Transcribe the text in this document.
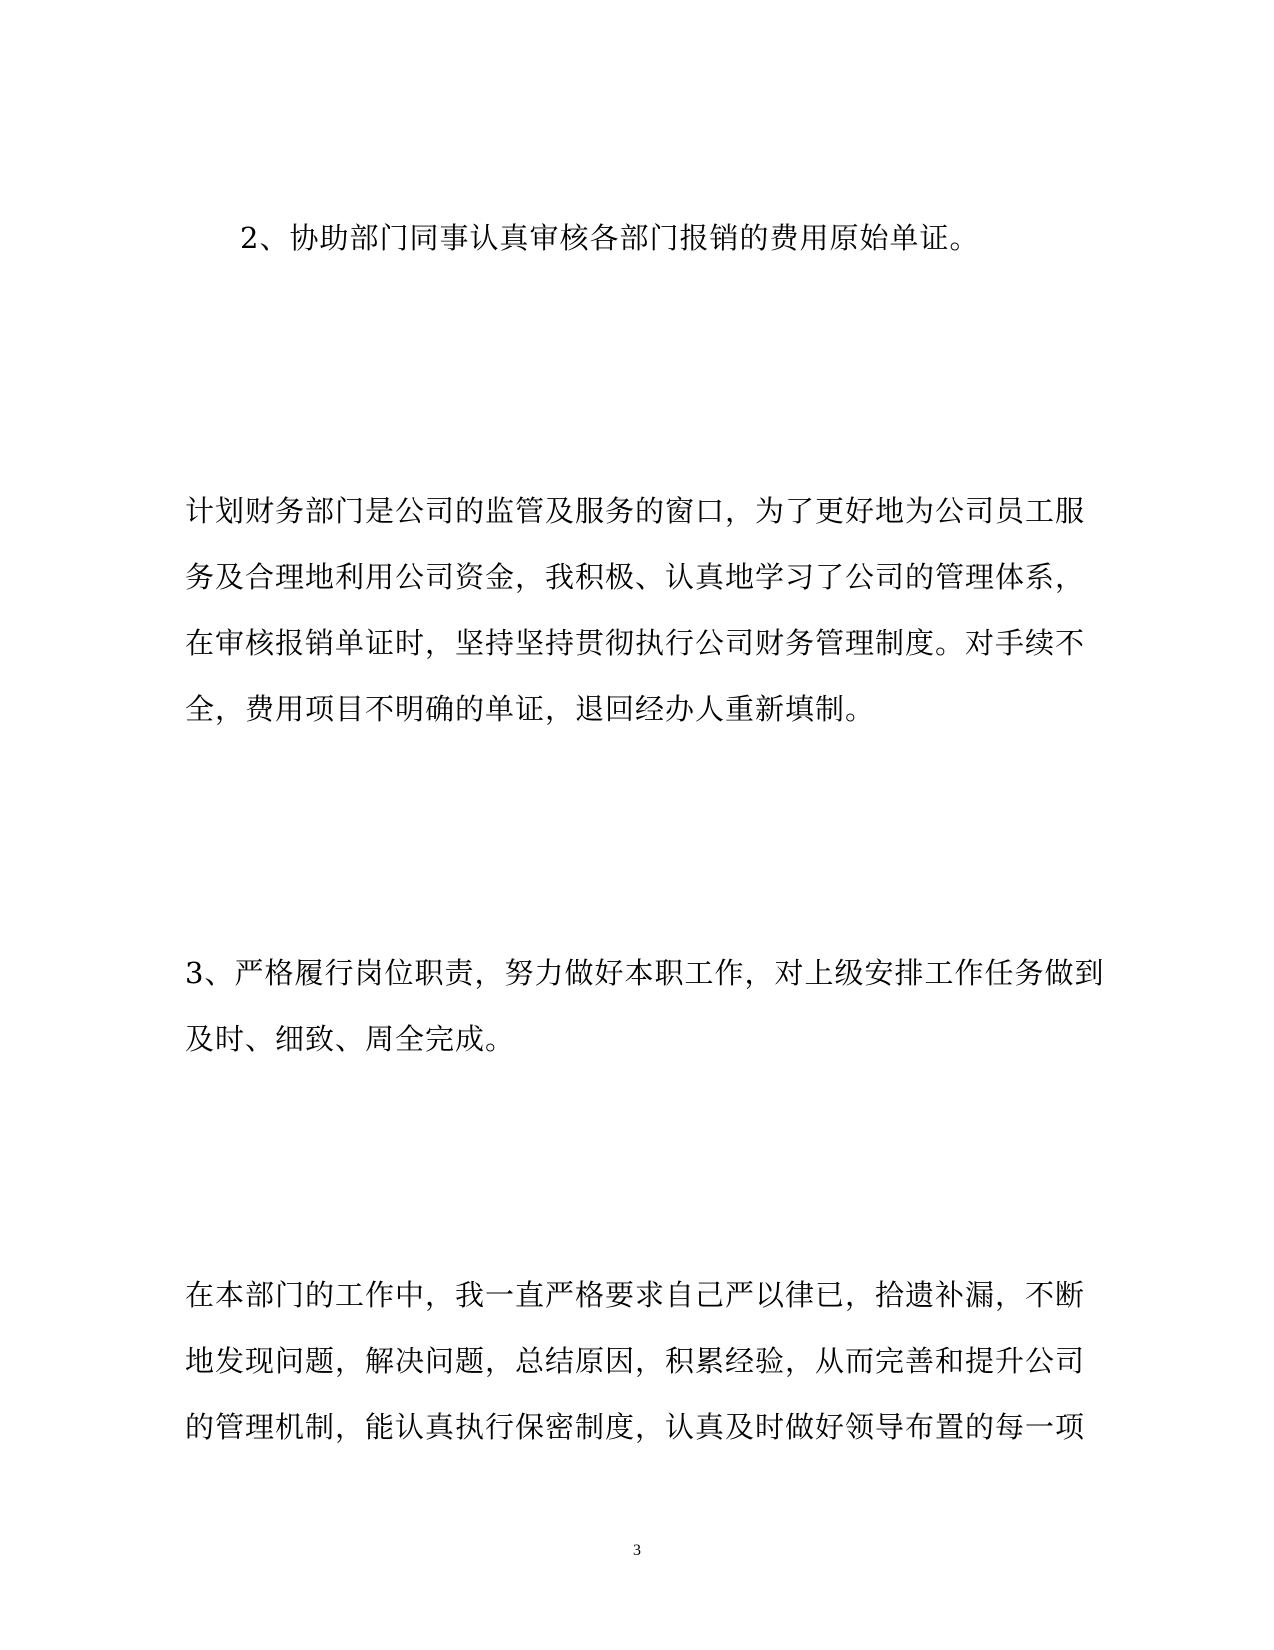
2、协助部门同事认真审核各部门报销的费用原始单证。

计划财务部门是公司的监管及服务的窗口，为了更好地为公司员工服
务及合理地利用公司资金，我积极、认真地学习了公司的管理体系，
在审核报销单证时，坚持坚持贯彻执行公司财务管理制度。对手续不
全，费用项目不明确的单证，退回经办人重新填制。

3、严格履行岗位职责，努力做好本职工作，对上级安排工作任务做到
及时、细致、周全完成。

在本部门的工作中，我一直严格要求自己严以律已，拾遗补漏，不断
地发现问题，解决问题，总结原因，积累经验，从而完善和提升公司
的管理机制，能认真执行保密制度，认真及时做好领导布置的每一项

3
